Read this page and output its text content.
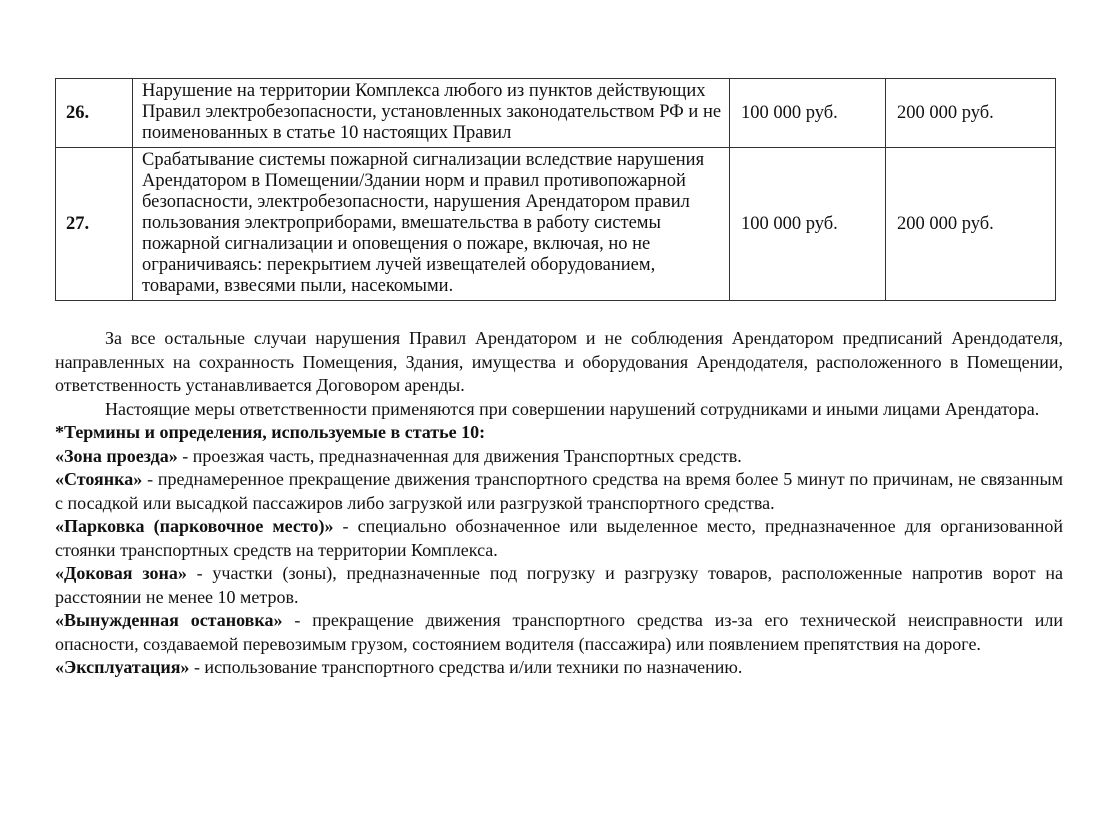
26.	Нарушение на территории Комплекса любого из пунктов действующих Правил электробезопасности, установленных законодательством РФ и не поименованных в статье 10 настоящих Правил	100 000 руб.	200 000 руб.
27.	Срабатывание системы пожарной сигнализации вследствие нарушения Арендатором в Помещении/Здании норм и правил противопожарной безопасности, электробезопасности, нарушения Арендатором правил пользования электроприборами, вмешательства в работу системы пожарной сигнализации и оповещения о пожаре, включая, но не ограничиваясь: перекрытием лучей извещателей оборудованием, товарами, взвесями пыли, насекомыми.	100 000 руб.	200 000 руб.

За все остальные случаи нарушения Правил Арендатором и не соблюдения Арендатором предписаний Арендодателя, направленных на сохранность Помещения, Здания, имущества и оборудования Арендодателя, расположенного в Помещении, ответственность устанавливается Договором аренды.

Настоящие меры ответственности применяются при совершении нарушений сотрудниками и иными лицами Арендатора.

*Термины и определения, используемые в статье 10:

«Зона проезда» - проезжая часть, предназначенная для движения Транспортных средств.

«Стоянка» - преднамеренное прекращение движения транспортного средства на время более 5 минут по причинам, не связанным с посадкой или высадкой пассажиров либо загрузкой или разгрузкой транспортного средства.

«Парковка (парковочное место)» - специально обозначенное или выделенное место, предназначенное для организованной стоянки транспортных средств на территории Комплекса.

«Доковая зона» - участки (зоны), предназначенные под погрузку и разгрузку товаров, расположенные напротив ворот на расстоянии не менее 10 метров.

«Вынужденная остановка» - прекращение движения транспортного средства из-за его технической неисправности или опасности, создаваемой перевозимым грузом, состоянием водителя (пассажира) или появлением препятствия на дороге.

«Эксплуатация» - использование транспортного средства и/или техники по назначению.
